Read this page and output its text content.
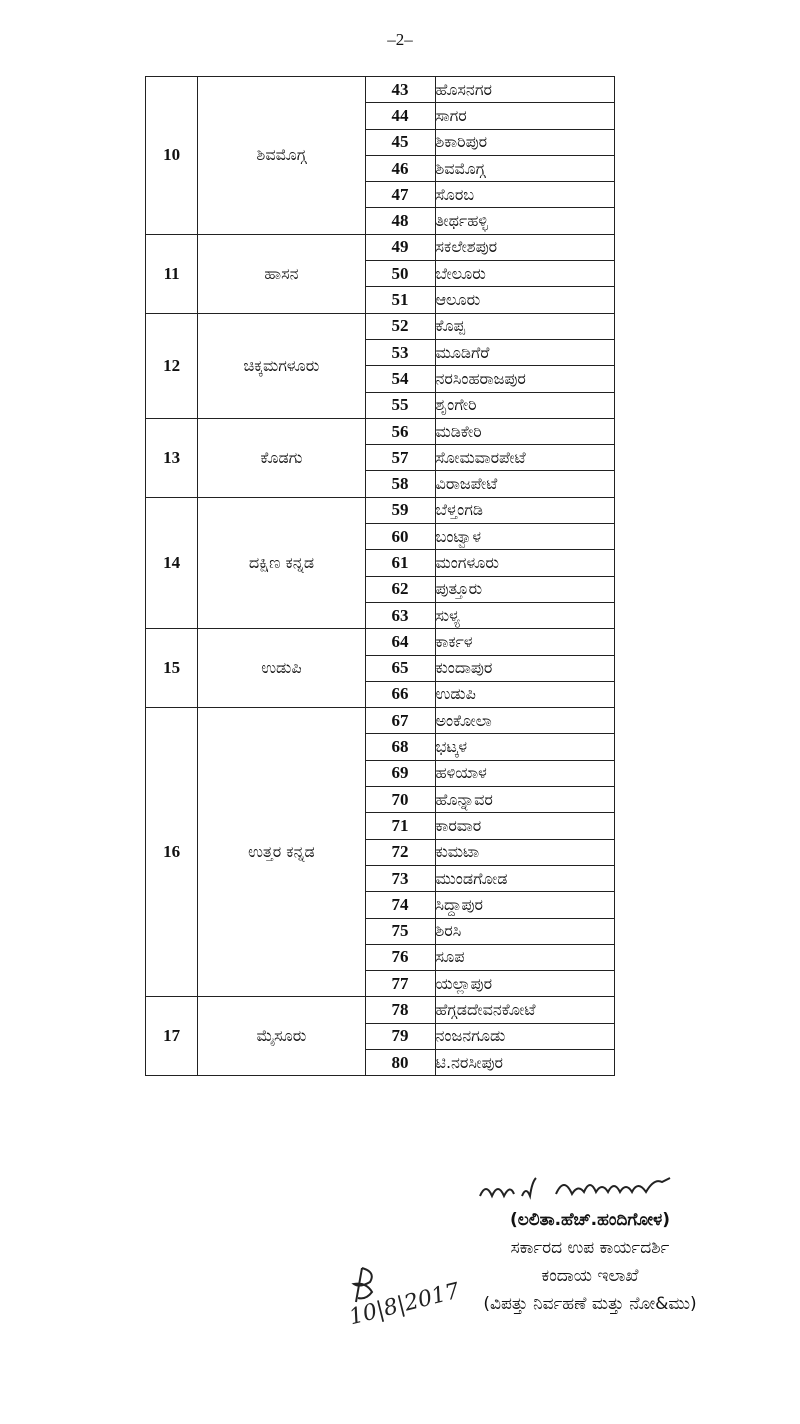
–2–
10	ಶಿವಮೊಗ್ಗ	43	ಹೊಸನಗರ
		44	ಸಾಗರ
		45	ಶಿಕಾರಿಪುರ
		46	ಶಿವಮೊಗ್ಗ
		47	ಸೊರಬ
		48	ತೀರ್ಥಹಳ್ಳಿ
11	ಹಾಸನ	49	ಸಕಲೇಶಪುರ
		50	ಬೇಲೂರು
		51	ಆಲೂರು
12	ಚಿಕ್ಕಮಗಳೂರು	52	ಕೊಪ್ಪ
		53	ಮೂಡಿಗೆರೆ
		54	ನರಸಿಂಹರಾಜಪುರ
		55	ಶೃಂಗೇರಿ
13	ಕೊಡಗು	56	ಮಡಿಕೇರಿ
		57	ಸೋಮವಾರಪೇಟೆ
		58	ವಿರಾಜಪೇಟೆ
14	ದಕ್ಷಿಣ ಕನ್ನಡ	59	ಬೆಳ್ತಂಗಡಿ
		60	ಬಂಟ್ವಾಳ
		61	ಮಂಗಳೂರು
		62	ಪುತ್ತೂರು
		63	ಸುಳ್ಯ
15	ಉಡುಪಿ	64	ಕಾರ್ಕಳ
		65	ಕುಂದಾಪುರ
		66	ಉಡುಪಿ
16	ಉತ್ತರ ಕನ್ನಡ	67	ಅಂಕೋಲಾ
		68	ಭಟ್ಕಳ
		69	ಹಳಿಯಾಳ
		70	ಹೊನ್ನಾವರ
		71	ಕಾರವಾರ
		72	ಕುಮಟಾ
		73	ಮುಂಡಗೋಡ
		74	ಸಿದ್ದಾಪುರ
		75	ಶಿರಸಿ
		76	ಸೂಪ
		77	ಯಲ್ಲಾಪುರ
17	ಮೈಸೂರು	78	ಹೆಗ್ಗಡದೇವನಕೋಟೆ
		79	ನಂಜನಗೂಡು
		80	ಟಿ.ನರಸೀಪುರ
(ಲಲಿತಾ.ಹೆಚ್.ಹಂದಿಗೋಳ)
ಸರ್ಕಾರದ ಉಪ ಕಾರ್ಯದರ್ಶಿ
ಕಂದಾಯ ಇಲಾಖೆ
(ವಿಪತ್ತು ನಿರ್ವಹಣೆ ಮತ್ತು ನೋ&ಮು)
10|8|2017
